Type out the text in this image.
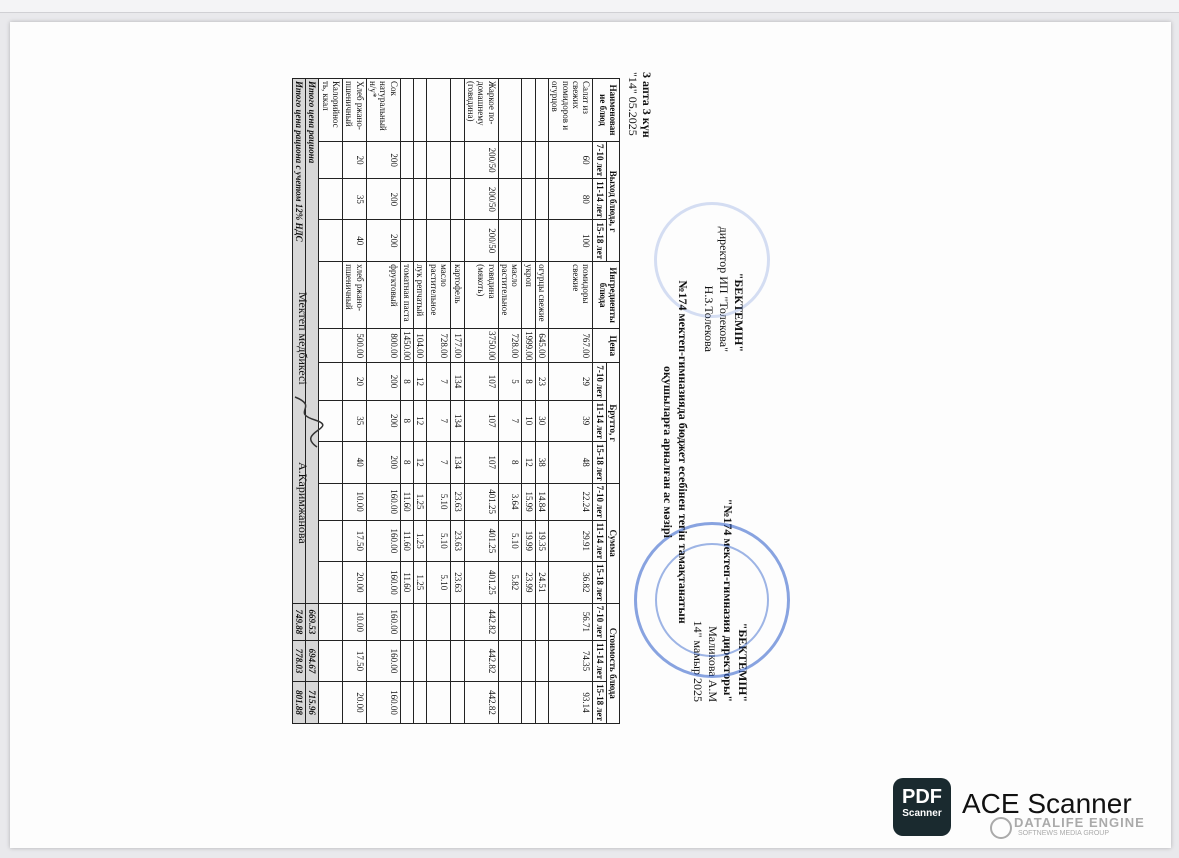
"БЕКТЕМІН"
директор ИП "Толекова"
Н.З.Толекова
"БЕКТЕМІН"
"№174 мектеп-гимназия директоры"
Маликова А.М
14" мамыр 2025
№174 мектеп-гимназияда бюджет есебінен тегін тамақтанатын
оқушыларға арналған ас мәзірі
3 апта 3 күн
"14" 05.2025
Наименован ие блюд	Выход блюда, г			Ингредиенты блюда	Цена	Брутто, г			Сумма			Стоимость блюда		
	7-10 лет	11-14 лет	15-18 лет			7-10 лет	11-14 лет	15-18 лет	7-10 лет	11-14 лет	15-18 лет	7-10 лет	11-14 лет	15-18 лет
Салат из свежих помидоров и огурцов	60	80	100	помидоры свежие	767.00	29	39	48	22.24	29.91	36.82	56.71	74.35	93.14
				огурцы свежие	645.00	23	30	38	14.84	19.35	24.51			
				укроп	1999.00	8	10	12	15.99	19.99	23.99			
				масло растительное	728.00	5	7	8	3.64	5.10	5.82			
Жаркое по-домашнему (говядина)	200/50	200/50	200/50	говядина (мякоть)	3750.00	107	107	107	401.25	401.25	401.25	442.82	442.82	442.82
				картофель	177.00	134	134	134	23.63	23.63	23.63			
				масло растительное	728.00	7	7	7	5.10	5.10	5.10			
				лук репчатый	104.00	12	12	12	1.25	1.25	1.25			
				томатная паста	1450.00	8	8	8	11.60	11.60	11.60			
Сок натуральный н/у*	200	200	200	фруктовый	800.00	200	200	200	160.00	160.00	160.00	160.00	160.00	160.00
Хлеб ржано-пшеничный	20	35	40	хлеб ржано-пшеничный	500.00	20	35	40	10.00	17.50	20.00	10.00	17.50	20.00
Калорийнос ть, ккал														
Итого цена рациона												669.53	694.67	715.96
Итого цена рациона с учетом 12% НДС												749.88	778.03	801.88
Мектеп медбикесі
А.Каримжанова
PDF
Scanner ACE Scanner
DATALIFE ENGINE
SOFTNEWS MEDIA GROUP
